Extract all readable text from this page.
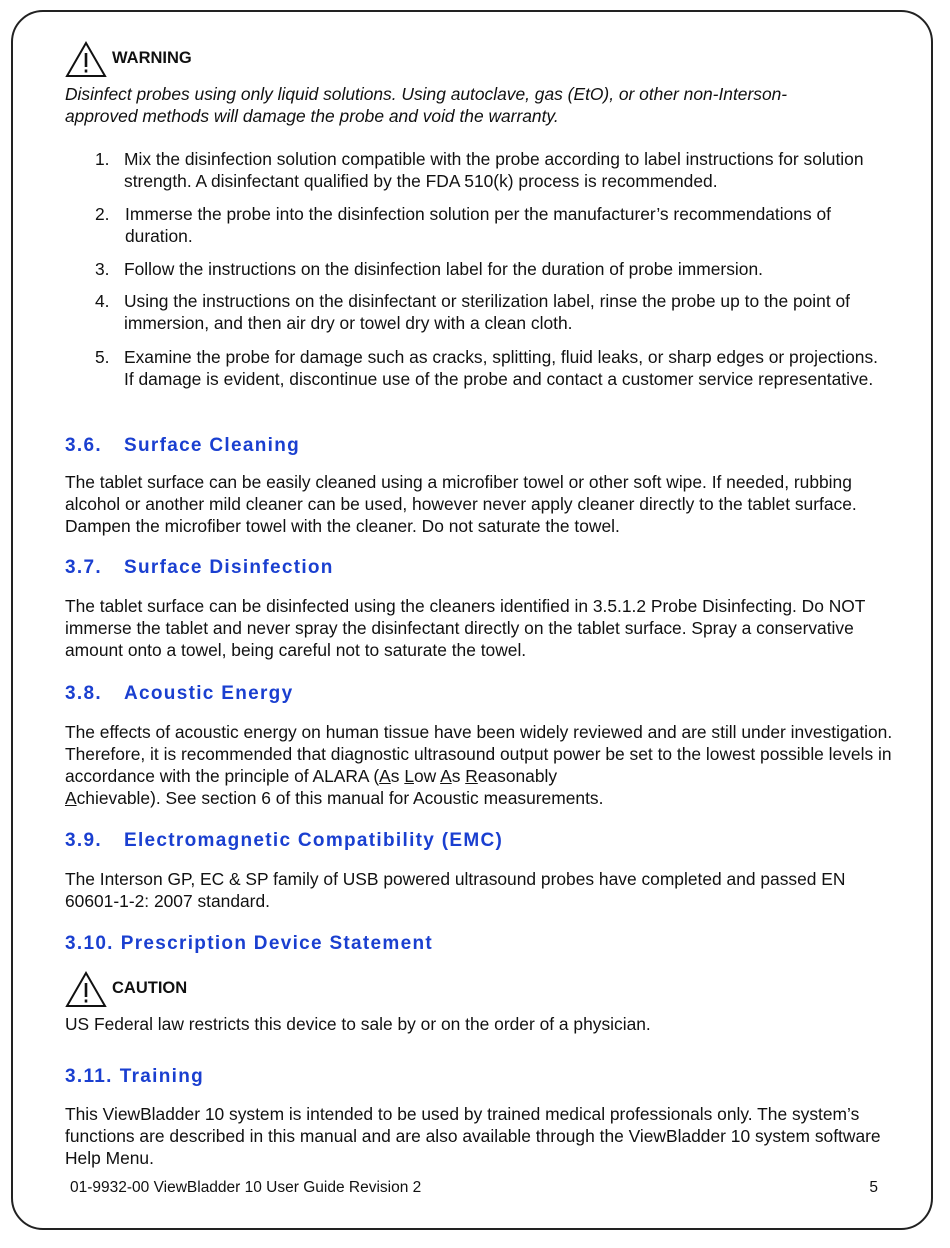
WARNING
Disinfect probes using only liquid solutions. Using autoclave, gas (EtO), or other non-Interson-
approved methods will damage the probe and void the warranty.
1. Mix the disinfection solution compatible with the probe according to label instructions for solution strength. A disinfectant qualified by the FDA 510(k) process is recommended.
2. Immerse the probe into the disinfection solution per the manufacturer’s recommendations of duration.
3. Follow the instructions on the disinfection label for the duration of probe immersion.
4. Using the instructions on the disinfectant or sterilization label, rinse the probe up to the point of immersion, and then air dry or towel dry with a clean cloth.
5. Examine the probe for damage such as cracks, splitting, fluid leaks, or sharp edges or projections. If damage is evident, discontinue use of the probe and contact a customer service representative.
3.6. Surface Cleaning
The tablet surface can be easily cleaned using a microfiber towel or other soft wipe. If needed, rubbing alcohol or another mild cleaner can be used, however never apply cleaner directly to the tablet surface. Dampen the microfiber towel with the cleaner. Do not saturate the towel.
3.7. Surface Disinfection
The tablet surface can be disinfected using the cleaners identified in 3.5.1.2 Probe Disinfecting. Do NOT immerse the tablet and never spray the disinfectant directly on the tablet surface. Spray a conservative amount onto a towel, being careful not to saturate the towel.
3.8. Acoustic Energy
The effects of acoustic energy on human tissue have been widely reviewed and are still under investigation. Therefore, it is recommended that diagnostic ultrasound output power be set to the lowest possible levels in accordance with the principle of ALARA (As Low As Reasonably
Achievable). See section 6 of this manual for Acoustic measurements.
3.9. Electromagnetic Compatibility (EMC)
The Interson GP, EC & SP family of USB powered ultrasound probes have completed and passed EN 60601-1-2: 2007 standard.
3.10. Prescription Device Statement
CAUTION
US Federal law restricts this device to sale by or on the order of a physician.
3.11. Training
This ViewBladder 10 system is intended to be used by trained medical professionals only. The system’s functions are described in this manual and are also available through the ViewBladder 10 system software Help Menu.
01-9932-00 ViewBladder 10 User Guide Revision 2	5
